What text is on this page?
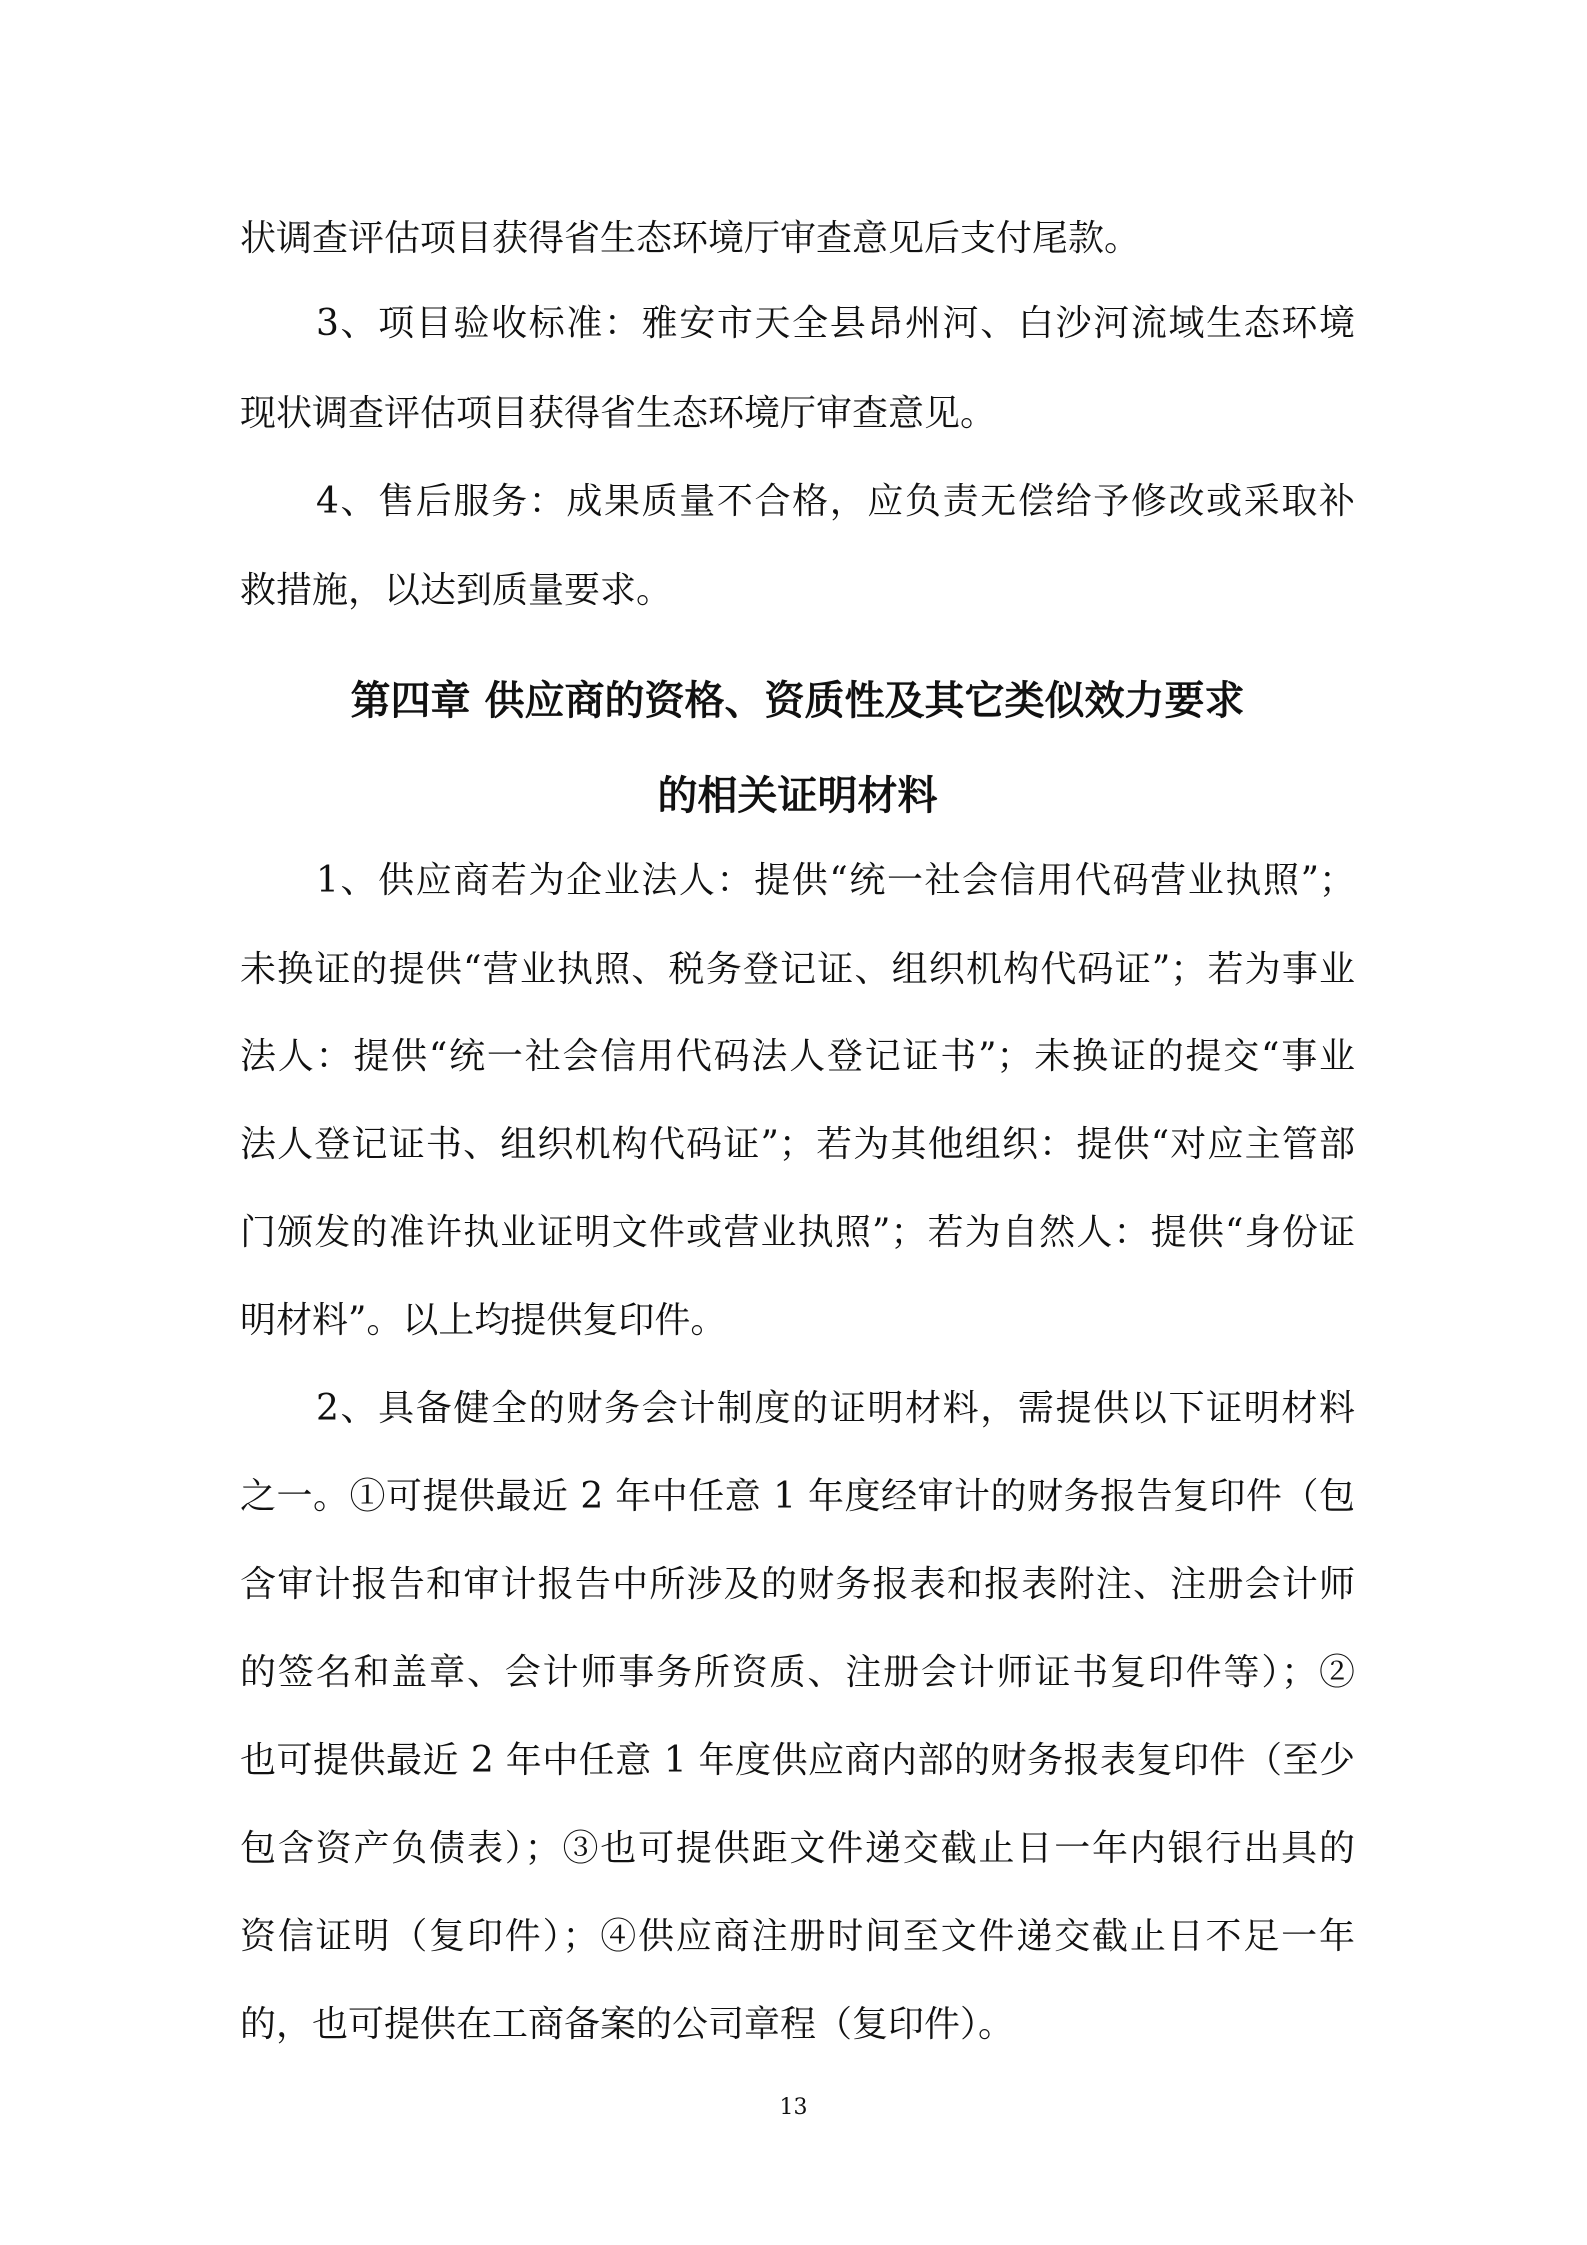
状调查评估项目获得省生态环境厅审查意见后支付尾款。
3、项目验收标准：雅安市天全县昂州河、白沙河流域生态环境
现状调查评估项目获得省生态环境厅审查意见。
4、售后服务：成果质量不合格，应负责无偿给予修改或采取补
救措施，以达到质量要求。
第四章 供应商的资格、资质性及其它类似效力要求
的相关证明材料
1、供应商若为企业法人：提供“统一社会信用代码营业执照”；
未换证的提供“营业执照、税务登记证、组织机构代码证”；若为事业
法人：提供“统一社会信用代码法人登记证书”；未换证的提交“事业
法人登记证书、组织机构代码证”；若为其他组织：提供“对应主管部
门颁发的准许执业证明文件或营业执照”；若为自然人：提供“身份证
明材料”。以上均提供复印件。
2、具备健全的财务会计制度的证明材料，需提供以下证明材料
之一。①可提供最近 2 年中任意 1 年度经审计的财务报告复印件（包
含审计报告和审计报告中所涉及的财务报表和报表附注、注册会计师
的签名和盖章、会计师事务所资质、注册会计师证书复印件等）；②
也可提供最近 2 年中任意 1 年度供应商内部的财务报表复印件（至少
包含资产负债表）；③也可提供距文件递交截止日一年内银行出具的
资信证明（复印件）；④供应商注册时间至文件递交截止日不足一年
的，也可提供在工商备案的公司章程（复印件）。
13
